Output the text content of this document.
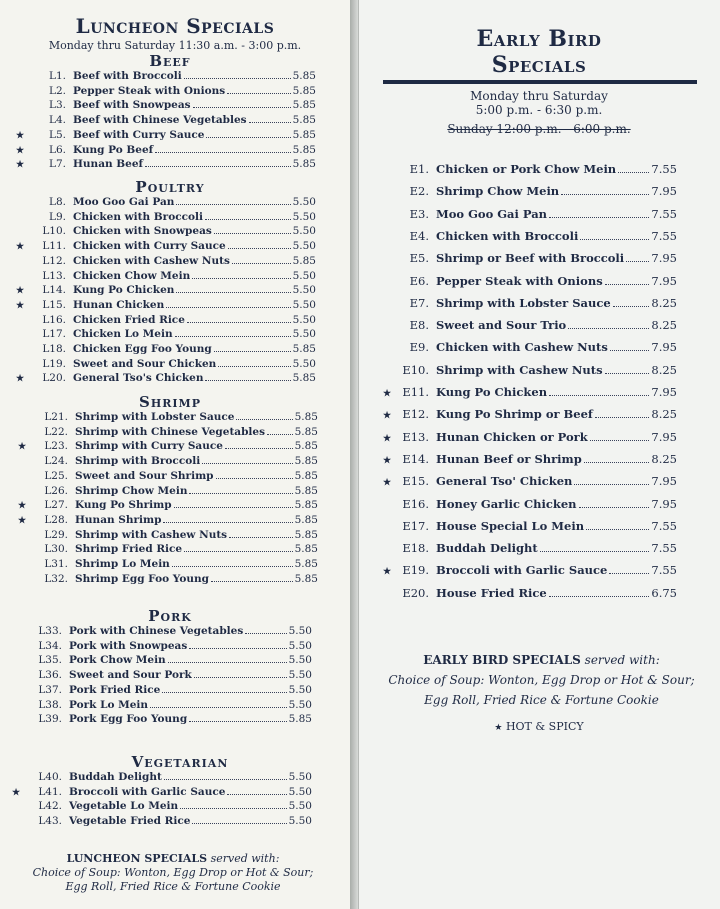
Luncheon Specials
Monday thru Saturday 11:30 a.m. - 3:00 p.m.
Beef
L1. Beef with Broccoli	5.85
L2. Pepper Steak with Onions	5.85
L3. Beef with Snowpeas	5.85
L4. Beef with Chinese Vegetables	5.85
★	L5. Beef with Curry Sauce	5.85
★	L6. Kung Po Beef	5.85
★	L7. Hunan Beef	5.85
Poultry
L8. Moo Goo Gai Pan	5.50
L9. Chicken with Broccoli	5.50
L10. Chicken with Snowpeas	5.50
★	L11. Chicken with Curry Sauce	5.50
L12. Chicken with Cashew Nuts	5.85
L13. Chicken Chow Mein	5.50
★	L14. Kung Po Chicken	5.50
★	L15. Hunan Chicken	5.50
L16. Chicken Fried Rice	5.50
L17. Chicken Lo Mein	5.50
L18. Chicken Egg Foo Young	5.85
L19. Sweet and Sour Chicken	5.50
★	L20. General Tso's Chicken	5.85
Shrimp
L21. Shrimp with Lobster Sauce	5.85
L22. Shrimp with Chinese Vegetables	5.85
★	L23. Shrimp with Curry Sauce	5.85
L24. Shrimp with Broccoli	5.85
L25. Sweet and Sour Shrimp	5.85
L26. Shrimp Chow Mein	5.85
★	L27. Kung Po Shrimp	5.85
★	L28. Hunan Shrimp	5.85
L29. Shrimp with Cashew Nuts	5.85
L30. Shrimp Fried Rice	5.85
L31. Shrimp Lo Mein	5.85
L32. Shrimp Egg Foo Young	5.85
Pork
L33. Pork with Chinese Vegetables	5.50
L34. Pork with Snowpeas	5.50
L35. Pork Chow Mein	5.50
L36. Sweet and Sour Pork	5.50
L37. Pork Fried Rice	5.50
L38. Pork Lo Mein	5.50
L39. Pork Egg Foo Young	5.85
Vegetarian
L40. Buddah Delight	5.50
★	L41. Broccoli with Garlic Sauce	5.50
L42. Vegetable Lo Mein	5.50
L43. Vegetable Fried Rice	5.50
LUNCHEON SPECIALS served with:
Choice of Soup: Wonton, Egg Drop or Hot & Sour;
Egg Roll, Fried Rice & Fortune Cookie
Early Bird
Specials
Monday thru Saturday
5:00 p.m. - 6:30 p.m.
Sunday 12:00 p.m. - 6:00 p.m.
E1. Chicken or Pork Chow Mein	7.55
E2. Shrimp Chow Mein	7.95
E3. Moo Goo Gai Pan	7.55
E4. Chicken with Broccoli	7.55
E5. Shrimp or Beef with Broccoli 7.95
E6. Pepper Steak with Onions	7.95
E7. Shrimp with Lobster Sauce	8.25
E8. Sweet and Sour Trio	8.25
E9. Chicken with Cashew Nuts	7.95
E10. Shrimp with Cashew Nuts	8.25
★ E11. Kung Po Chicken	7.95
★ E12. Kung Po Shrimp or Beef	8.25
★ E13. Hunan Chicken or Pork	7.95
★ E14. Hunan Beef or Shrimp	8.25
★ E15. General Tso' Chicken	7.95
E16. Honey Garlic Chicken	7.95
E17. House Special Lo Mein	7.55
E18. Buddah Delight	7.55
★ E19. Broccoli with Garlic Sauce	7.55
E20. House Fried Rice	6.75
EARLY BIRD SPECIALS served with:
Choice of Soup: Wonton, Egg Drop or Hot & Sour;
Egg Roll, Fried Rice & Fortune Cookie
★ HOT & SPICY
